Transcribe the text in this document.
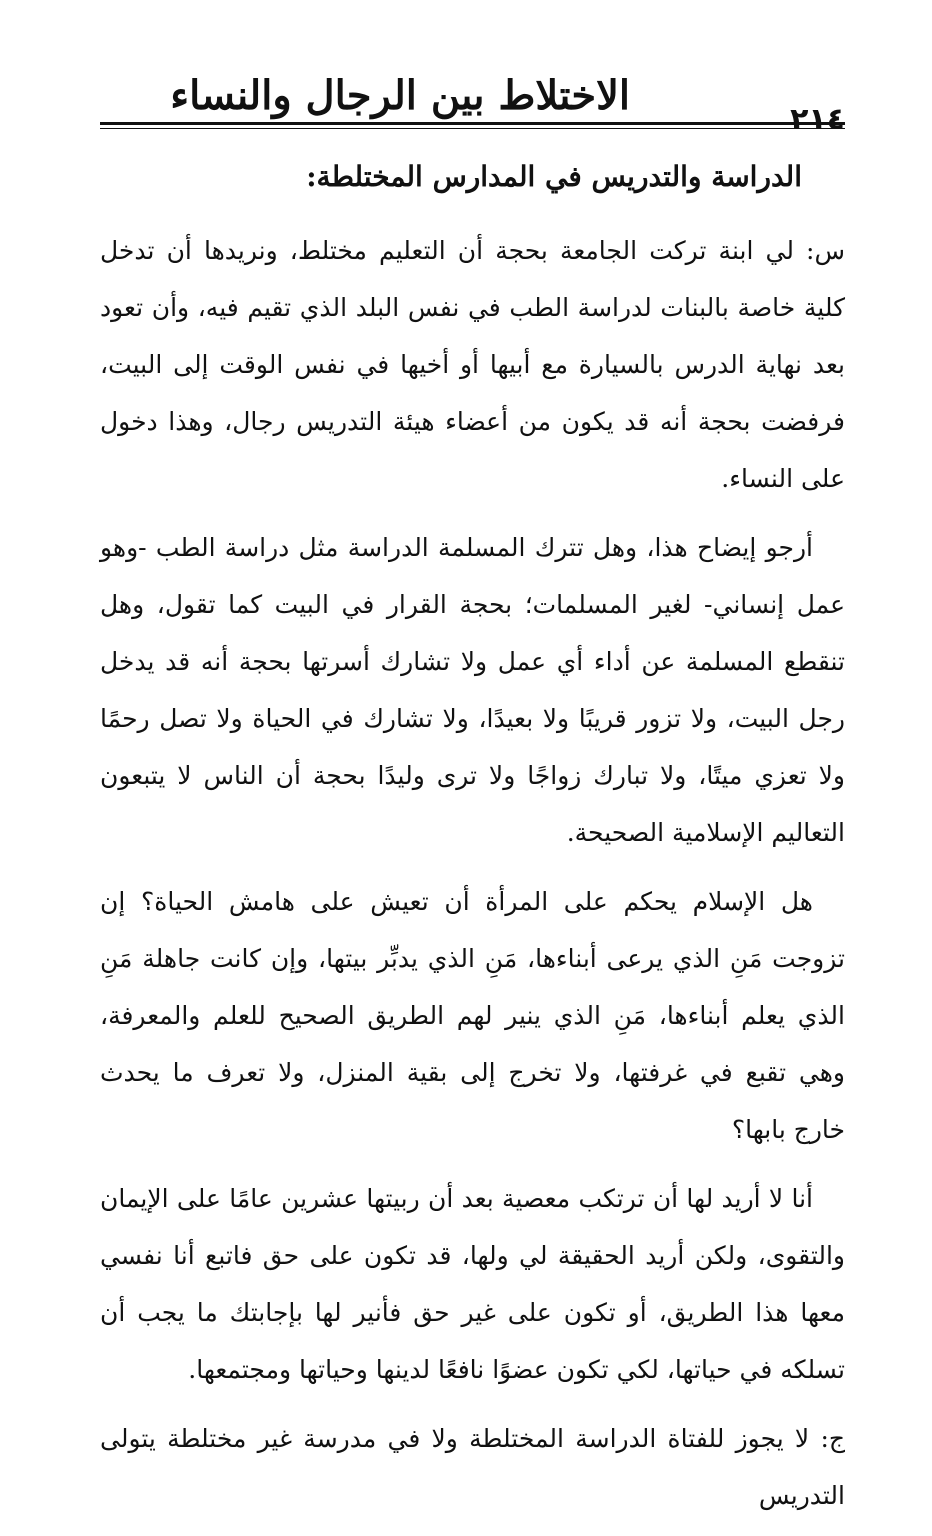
الاختلاط بين الرجال والنساء
٢١٤
الدراسة والتدريس في المدارس المختلطة:

س: لي ابنة تركت الجامعة بحجة أن التعليم مختلط، ونريدها أن تدخل كلية خاصة بالبنات لدراسة الطب في نفس البلد الذي تقيم فيه، وأن تعود بعد نهاية الدرس بالسيارة مع أبيها أو أخيها في نفس الوقت إلى البيت، فرفضت بحجة أنه قد يكون من أعضاء هيئة التدريس رجال، وهذا دخول على النساء.

أرجو إيضاح هذا، وهل تترك المسلمة الدراسة مثل دراسة الطب -وهو عمل إنساني- لغير المسلمات؛ بحجة القرار في البيت كما تقول، وهل تنقطع المسلمة عن أداء أي عمل ولا تشارك أسرتها بحجة أنه قد يدخل رجل البيت، ولا تزور قريبًا ولا بعيدًا، ولا تشارك في الحياة ولا تصل رحمًا ولا تعزي ميتًا، ولا تبارك زواجًا ولا ترى وليدًا بحجة أن الناس لا يتبعون التعاليم الإسلامية الصحيحة.

هل الإسلام يحكم على المرأة أن تعيش على هامش الحياة؟ إن تزوجت مَنِ الذي يرعى أبناءها، مَنِ الذي يدبِّر بيتها، وإن كانت جاهلة مَنِ الذي يعلم أبناءها، مَنِ الذي ينير لهم الطريق الصحيح للعلم والمعرفة، وهي تقبع في غرفتها، ولا تخرج إلى بقية المنزل، ولا تعرف ما يحدث خارج بابها؟

أنا لا أريد لها أن ترتكب معصية بعد أن ربيتها عشرين عامًا على الإيمان والتقوى، ولكن أريد الحقيقة لي ولها، قد تكون على حق فاتبع أنا نفسي معها هذا الطريق، أو تكون على غير حق فأنير لها بإجابتك ما يجب أن تسلكه في حياتها، لكي تكون عضوًا نافعًا لدينها وحياتها ومجتمعها.

ج: لا يجوز للفتاة الدراسة المختلطة ولا في مدرسة غير مختلطة يتولى التدريس
